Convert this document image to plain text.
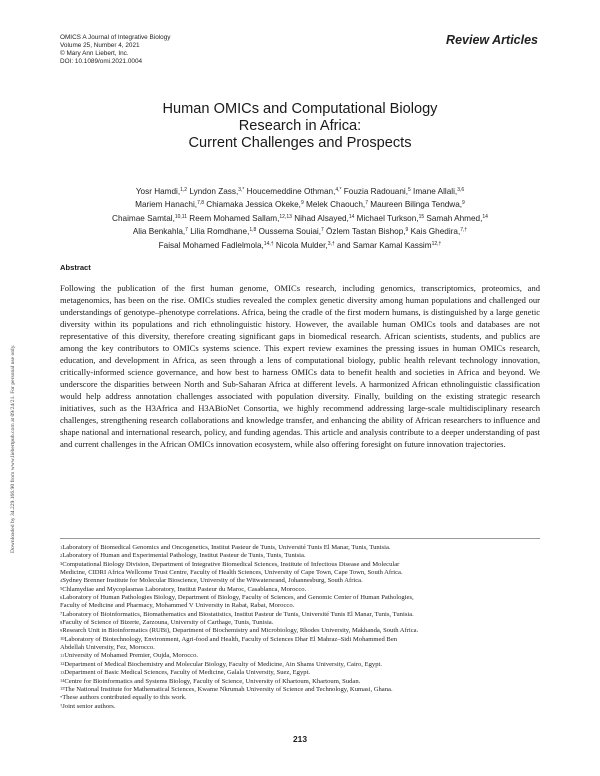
OMICS A Journal of Integrative Biology
Volume 25, Number 4, 2021
© Mary Ann Liebert, Inc.
DOI: 10.1089/omi.2021.0004
Review Articles
Human OMICs and Computational Biology
Research in Africa:
Current Challenges and Prospects
Yosr Hamdi,$^{1,2}$ Lyndon Zass,$^{3,*}$ Houcemeddine Othman,$^{4,*}$ Fouzia Radouani,$^5$ Imane Allali,$^{3,6}$
Mariem Hanachi,$^{7,8}$ Chiamaka Jessica Okeke,$^9$ Melek Chaouch,$^7$ Maureen Bilinga Tendwa,$^9$
Chaimae Samtal,$^{10,11}$ Reem Mohamed Sallam,$^{12,13}$ Nihad Alsayed,$^{14}$ Michael Turkson,$^{15}$ Samah Ahmed,$^{14}$
Alia Benkahla,$^7$ Lilia Romdhane,$^{1,8}$ Oussema Souiai,$^7$ Özlem Tastan Bishop,$^9$ Kais Ghedira,$^{7,\dagger}$
Faisal Mohamed Fadlelmola,$^{14,\dagger}$ Nicola Mulder,$^{3,\dagger}$ and Samar Kamal Kassim$^{12,\dagger}$
Downloaded by 34.229.166.90 from www.liebertpub.com at 09/24/21. For personal use only.
Abstract

Following the publication of the first human genome, OMICs research, including genomics, transcriptomics, proteomics, and metagenomics, has been on the rise. OMICs studies revealed the complex genetic diversity among human populations and challenged our understandings of genotype–phenotype correlations. Africa, being the cradle of the first modern humans, is distinguished by a large genetic diversity within its populations and rich ethnolinguistic history. However, the available human OMICs tools and databases are not representative of this diversity, therefore creating significant gaps in biomedical research. African scientists, students, and publics are among the key contributors to OMICs systems science. This expert review examines the pressing issues in human OMICs research, education, and development in Africa, as seen through a lens of computational biology, public health relevant technology innovation, critically-informed science governance, and how best to harness OMICs data to benefit health and societies in Africa and beyond. We underscore the disparities between North and Sub-Saharan Africa at different levels. A harmonized African ethnolinguistic classification would help address annotation challenges associated with population diversity. Finally, building on the existing strategic research initiatives, such as the H3Africa and H3ABioNet Consortia, we highly recommend addressing large-scale multidisciplinary research challenges, strengthening research collaborations and knowledge transfer, and enhancing the ability of African researchers to influence and shape national and international research, policy, and funding agendas. This article and analysis contribute to a deeper understanding of past and current challenges in the African OMICs innovation ecosystem, while also offering foresight on future innovation trajectories.

$^1$Laboratory of Biomedical Genomics and Oncogenetics, Institut Pasteur de Tunis, Université Tunis El Manar, Tunis, Tunisia.
$^2$Laboratory of Human and Experimental Pathology, Institut Pasteur de Tunis, Tunis, Tunisia.
$^3$Computational Biology Division, Department of Integrative Biomedical Sciences, Institute of Infectious Disease and Molecular
Medicine, CIDRI Africa Wellcome Trust Centre, Faculty of Health Sciences, University of Cape Town, Cape Town, South Africa.
$^4$Sydney Brenner Institute for Molecular Bioscience, University of the Witwatersrand, Johannesburg, South Africa.
$^5$Chlamydiae and Mycoplasmas Laboratory, Institut Pasteur du Maroc, Casablanca, Morocco.
$^6$Laboratory of Human Pathologies Biology, Department of Biology, Faculty of Sciences, and Genomic Center of Human Pathologies,
Faculty of Medicine and Pharmacy, Mohammed V University in Rabat, Rabat, Morocco.
$^7$Laboratory of Bioinformatics, Biomathematics and Biostatistics, Institut Pasteur de Tunis, Université Tunis El Manar, Tunis, Tunisia.
$^8$Faculty of Science of Bizerte, Zarzouna, University of Carthage, Tunis, Tunisia.
$^9$Research Unit in Bioinformatics (RUBi), Department of Biochemistry and Microbiology, Rhodes University, Makhanda, South Africa.
$^{10}$Laboratory of Biotechnology, Environment, Agri-food and Health, Faculty of Sciences Dhar El Mahraz–Sidi Mohammed Ben
Abdellah University, Fez, Morocco.
$^{11}$University of Mohamed Premier, Oujda, Morocco.
$^{12}$Department of Medical Biochemistry and Molecular Biology, Faculty of Medicine, Ain Shams University, Cairo, Egypt.
$^{13}$Department of Basic Medical Sciences, Faculty of Medicine, Galala University, Suez, Egypt.
$^{14}$Centre for Bioinformatics and Systems Biology, Faculty of Science, University of Khartoum, Khartoum, Sudan.
$^{15}$The National Institute for Mathematical Sciences, Kwame Nkrumah University of Science and Technology, Kumasi, Ghana.
*These authors contributed equally to this work.
†Joint senior authors.
213
